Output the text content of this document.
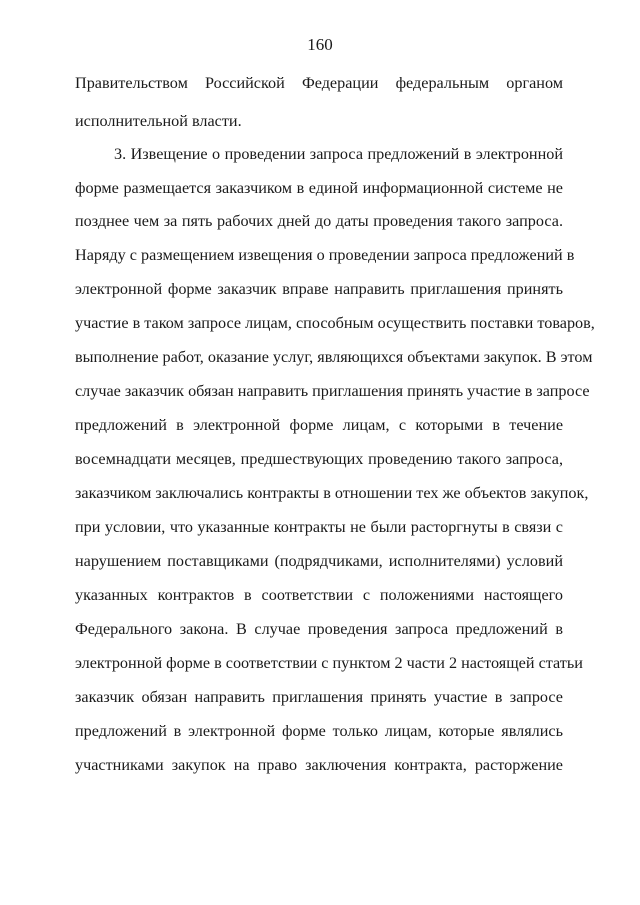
160
Правительством Российской Федерации федеральным органом
исполнительной власти.
3. Извещение о проведении запроса предложений в электронной
форме размещается заказчиком в единой информационной системе не
позднее чем за пять рабочих дней до даты проведения такого запроса.
Наряду с размещением извещения о проведении запроса предложений в
электронной форме заказчик вправе направить приглашения принять
участие в таком запросе лицам, способным осуществить поставки товаров,
выполнение работ, оказание услуг, являющихся объектами закупок. В этом
случае заказчик обязан направить приглашения принять участие в запросе
предложений в электронной форме лицам, с которыми в течение
восемнадцати месяцев, предшествующих проведению такого запроса,
заказчиком заключались контракты в отношении тех же объектов закупок,
при условии, что указанные контракты не были расторгнуты в связи с
нарушением поставщиками (подрядчиками, исполнителями) условий
указанных контрактов в соответствии с положениями настоящего
Федерального закона. В случае проведения запроса предложений в
электронной форме в соответствии с пунктом 2 части 2 настоящей статьи
заказчик обязан направить приглашения принять участие в запросе
предложений в электронной форме только лицам, которые являлись
участниками закупок на право заключения контракта, расторжение
